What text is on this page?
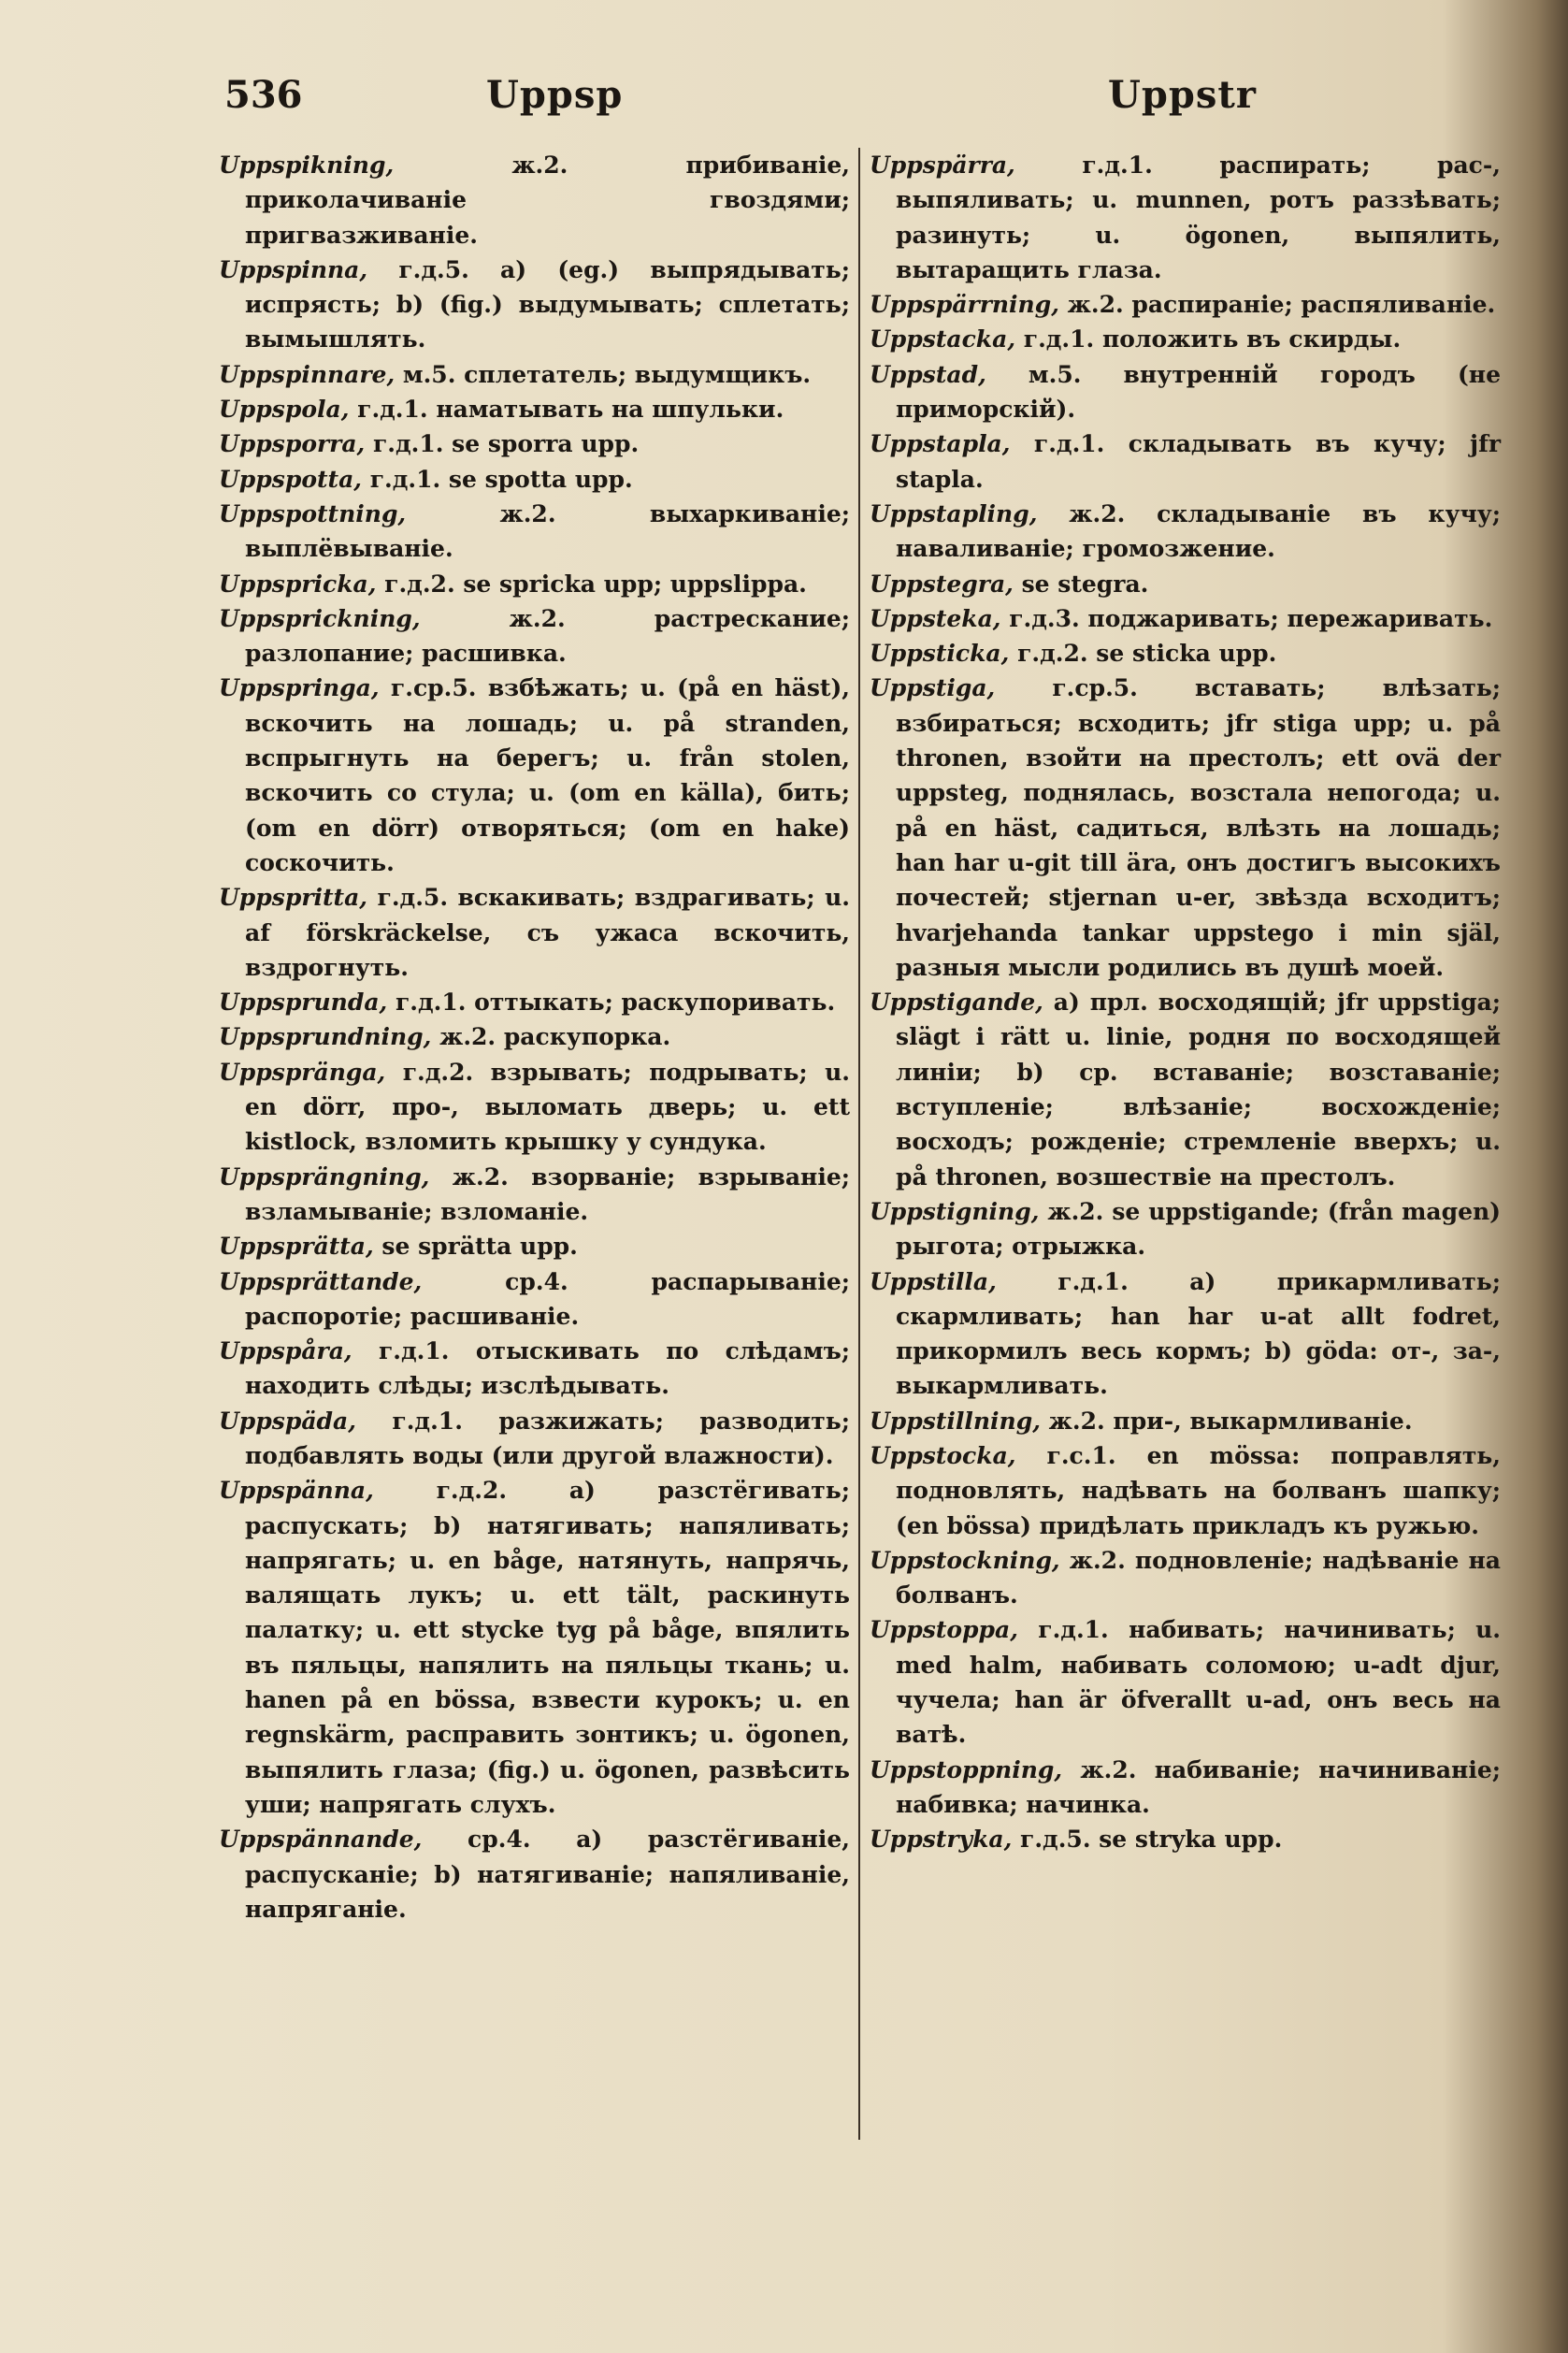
536	Uppsp	Uppstr

Uppspikning,	ж.2. прибиванiе, приколачиванiе гвоздями; пригвазживанiе.

Uppspinna, г.д.5. a) (eg.) выпрядывать; испрясть; b) (fig.) выдумывать; сплетать; вымышлять.

Uppspinnare, м.5. сплетатель; выдумщикъ.

Uppspola, г.д.1. наматывать на шпульки.

Uppsporra, г.д.1. se sporra upp.

Uppspotta, г.д.1. se spotta upp.

Uppspottning,	ж.2. выхаркиванiе; выплёвыванiе.

Uppspricka, г.д.2. se spricka upp; uppslippa.

Uppsprickning,	ж.2. растрескание; разлопание; расшивка.

Uppspringa, г.ср.5. взбѣжать; u. (på en häst), вскочить на лошадь; u. på stranden, вспрыгнуть на берегъ; u. från stolen, вскочить со стула; u. (om en källa), бить; (om en dörr) отворяться; (om en hake) соскочить.

Uppspritta, г.д.5. вскакивать; вздрагивать; u. af förskräckelse, съ ужаса вскочить, вздрогнуть.

Uppsprunda, г.д.1. оттыкать; раскупоривать.

Uppsprundning, ж.2. раскупорка.

Uppspränga, г.д.2. взрывать; подрывать; u. en dörr, про-, выломать дверь; u. ett kistlock, взломить крышку у сундука.

Uppsprängning, ж.2. взорванiе; взрыванiе; взламыванiе; взломанiе.

Uppsprätta, se sprätta upp.

Uppsprättande,	ср.4. распарыванiе; распоротiе; расшиванiе.

Uppspåra, г.д.1. отыскивать по слѣдамъ; находить слѣды; изслѣдывать.

Uppspäda, г.д.1. разжижать; разводить; подбавлять воды (или другой влажности).

Uppspänna,	г.д.2. a) разстёгивать; распускать; b) натягивать; напяливать; напрягать; u. en båge, натянуть, напрячь, валящать лукъ; u. ett tält, раскинуть палатку; u. ett stycke tyg på båge, впялить въ пяльцы, напялить на пяльцы ткань; u. hanen på en bössa, взвести курокъ; u. en regnskärm, расправить зонтикъ; u. ögonen, выпялить глаза; (fig.) u. ögonen, развѣсить уши; напрягать слухъ.

Uppspännande, ср.4. a) разстёгиванiе, распусканiе; b) натягиванiе; напяливанiе, напряганiе.

Uppspärra,	г.д.1. распирать; рас-, выпяливать; u. munnen, ротъ раззѣвать; разинуть; u. ögonen, выпялить, вытаращить глаза.

Uppspärrning, ж.2. распиранiе; распяливанiе.

Uppstacka, г.д.1. положить въ скирды.

Uppstad, м.5. внутреннiй городъ (не приморскiй).

Uppstapla, г.д.1. складывать въ кучу; jfr stapla.

Uppstapling, ж.2. складыванiе въ кучу; наваливанiе; громозжение.

Uppstegra, se stegra.

Uppsteka, г.д.3. поджаривать; пережаривать.

Uppsticka, г.д.2. se sticka upp.

Uppstiga, г.ср.5. вставать; влѣзать; взбираться; всходить; jfr stiga upp; u. på thronen, взойти на престолъ; ett ovä der uppsteg, поднялась, возстала непогода; u. på en häst, садиться, влѣзть на лошадь; han har u-git till ära, онъ достигъ высокихъ почестей; stjernan u-er, звѣзда всходитъ; hvarjehanda tankar uppstego i min själ, разныя мысли родились въ душѣ моей.

Uppstigande, a) прл. восходящiй; jfr uppstiga; slägt i rätt u. linie, родня по восходящей линiи; b) ср. вставанiе; возставанiе; вступленiе; влѣзанiе; восхожденiе; восходъ; рожденiе; стремленiе вверхъ; u. på thronen, возшествiе на престолъ.

Uppstigning, ж.2. se uppstigande; (från magen) рыгота; отрыжка.

Uppstilla,	г.д.1. a) прикармливать; скармливать; han har u-at allt fodret, прикормилъ весь кормъ; b) göda: от-, за-, выкармливать.

Uppstillning, ж.2. при-, выкармливанiе.

Uppstocka, г.с.1. en mössa: поправлять, подновлять, надѣвать на болванъ шапку; (en bössa) придѣлать прикладъ къ ружью.

Uppstockning, ж.2. подновленiе; надѣванiе на болванъ.

Uppstoppa, г.д.1. набивать; начинивать; u. med halm, набивать соломою; u-adt djur, чучела; han är öfverallt u-ad, онъ весь на ватѣ.

Uppstoppning, ж.2. набиванiе; начиниванiе; набивка; начинка.

Uppstryka, г.д.5. se stryka upp.
